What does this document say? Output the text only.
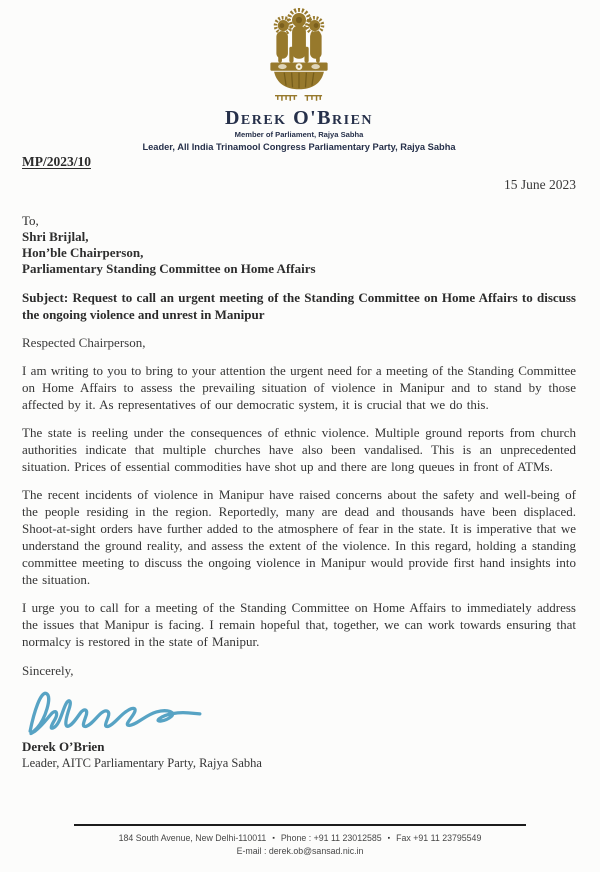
Derek O'Brien
Member of Parliament, Rajya Sabha
Leader, All India Trinamool Congress Parliamentary Party, Rajya Sabha
MP/2023/10
15 June 2023
To,
Shri Brijlal,
Hon’ble Chairperson,
Parliamentary Standing Committee on Home Affairs
Subject: Request to call an urgent meeting of the Standing Committee on Home Affairs to discuss the ongoing violence and unrest in Manipur
Respected Chairperson,
I am writing to you to bring to your attention the urgent need for a meeting of the Standing Committee on Home Affairs to assess the prevailing situation of violence in Manipur and to stand by those affected by it. As representatives of our democratic system, it is crucial that we do this.
The state is reeling under the consequences of ethnic violence. Multiple ground reports from church authorities indicate that multiple churches have also been vandalised. This is an unprecedented situation. Prices of essential commodities have shot up and there are long queues in front of ATMs.
The recent incidents of violence in Manipur have raised concerns about the safety and well-being of the people residing in the region. Reportedly, many are dead and thousands have been displaced. Shoot-at-sight orders have further added to the atmosphere of fear in the state. It is imperative that we understand the ground reality, and assess the extent of the violence. In this regard, holding a standing committee meeting to discuss the ongoing violence in Manipur would provide first hand insights into the situation.
I urge you to call for a meeting of the Standing Committee on Home Affairs to immediately address the issues that Manipur is facing. I remain hopeful that, together, we can work towards ensuring that normalcy is restored in the state of Manipur.
Sincerely,
Derek O’Brien
Leader, AITC Parliamentary Party, Rajya Sabha
184 South Avenue, New Delhi-110011 ▪ Phone : +91 11 23012585 ▪ Fax +91 11 23795549
E-mail : derek.ob@sansad.nic.in
